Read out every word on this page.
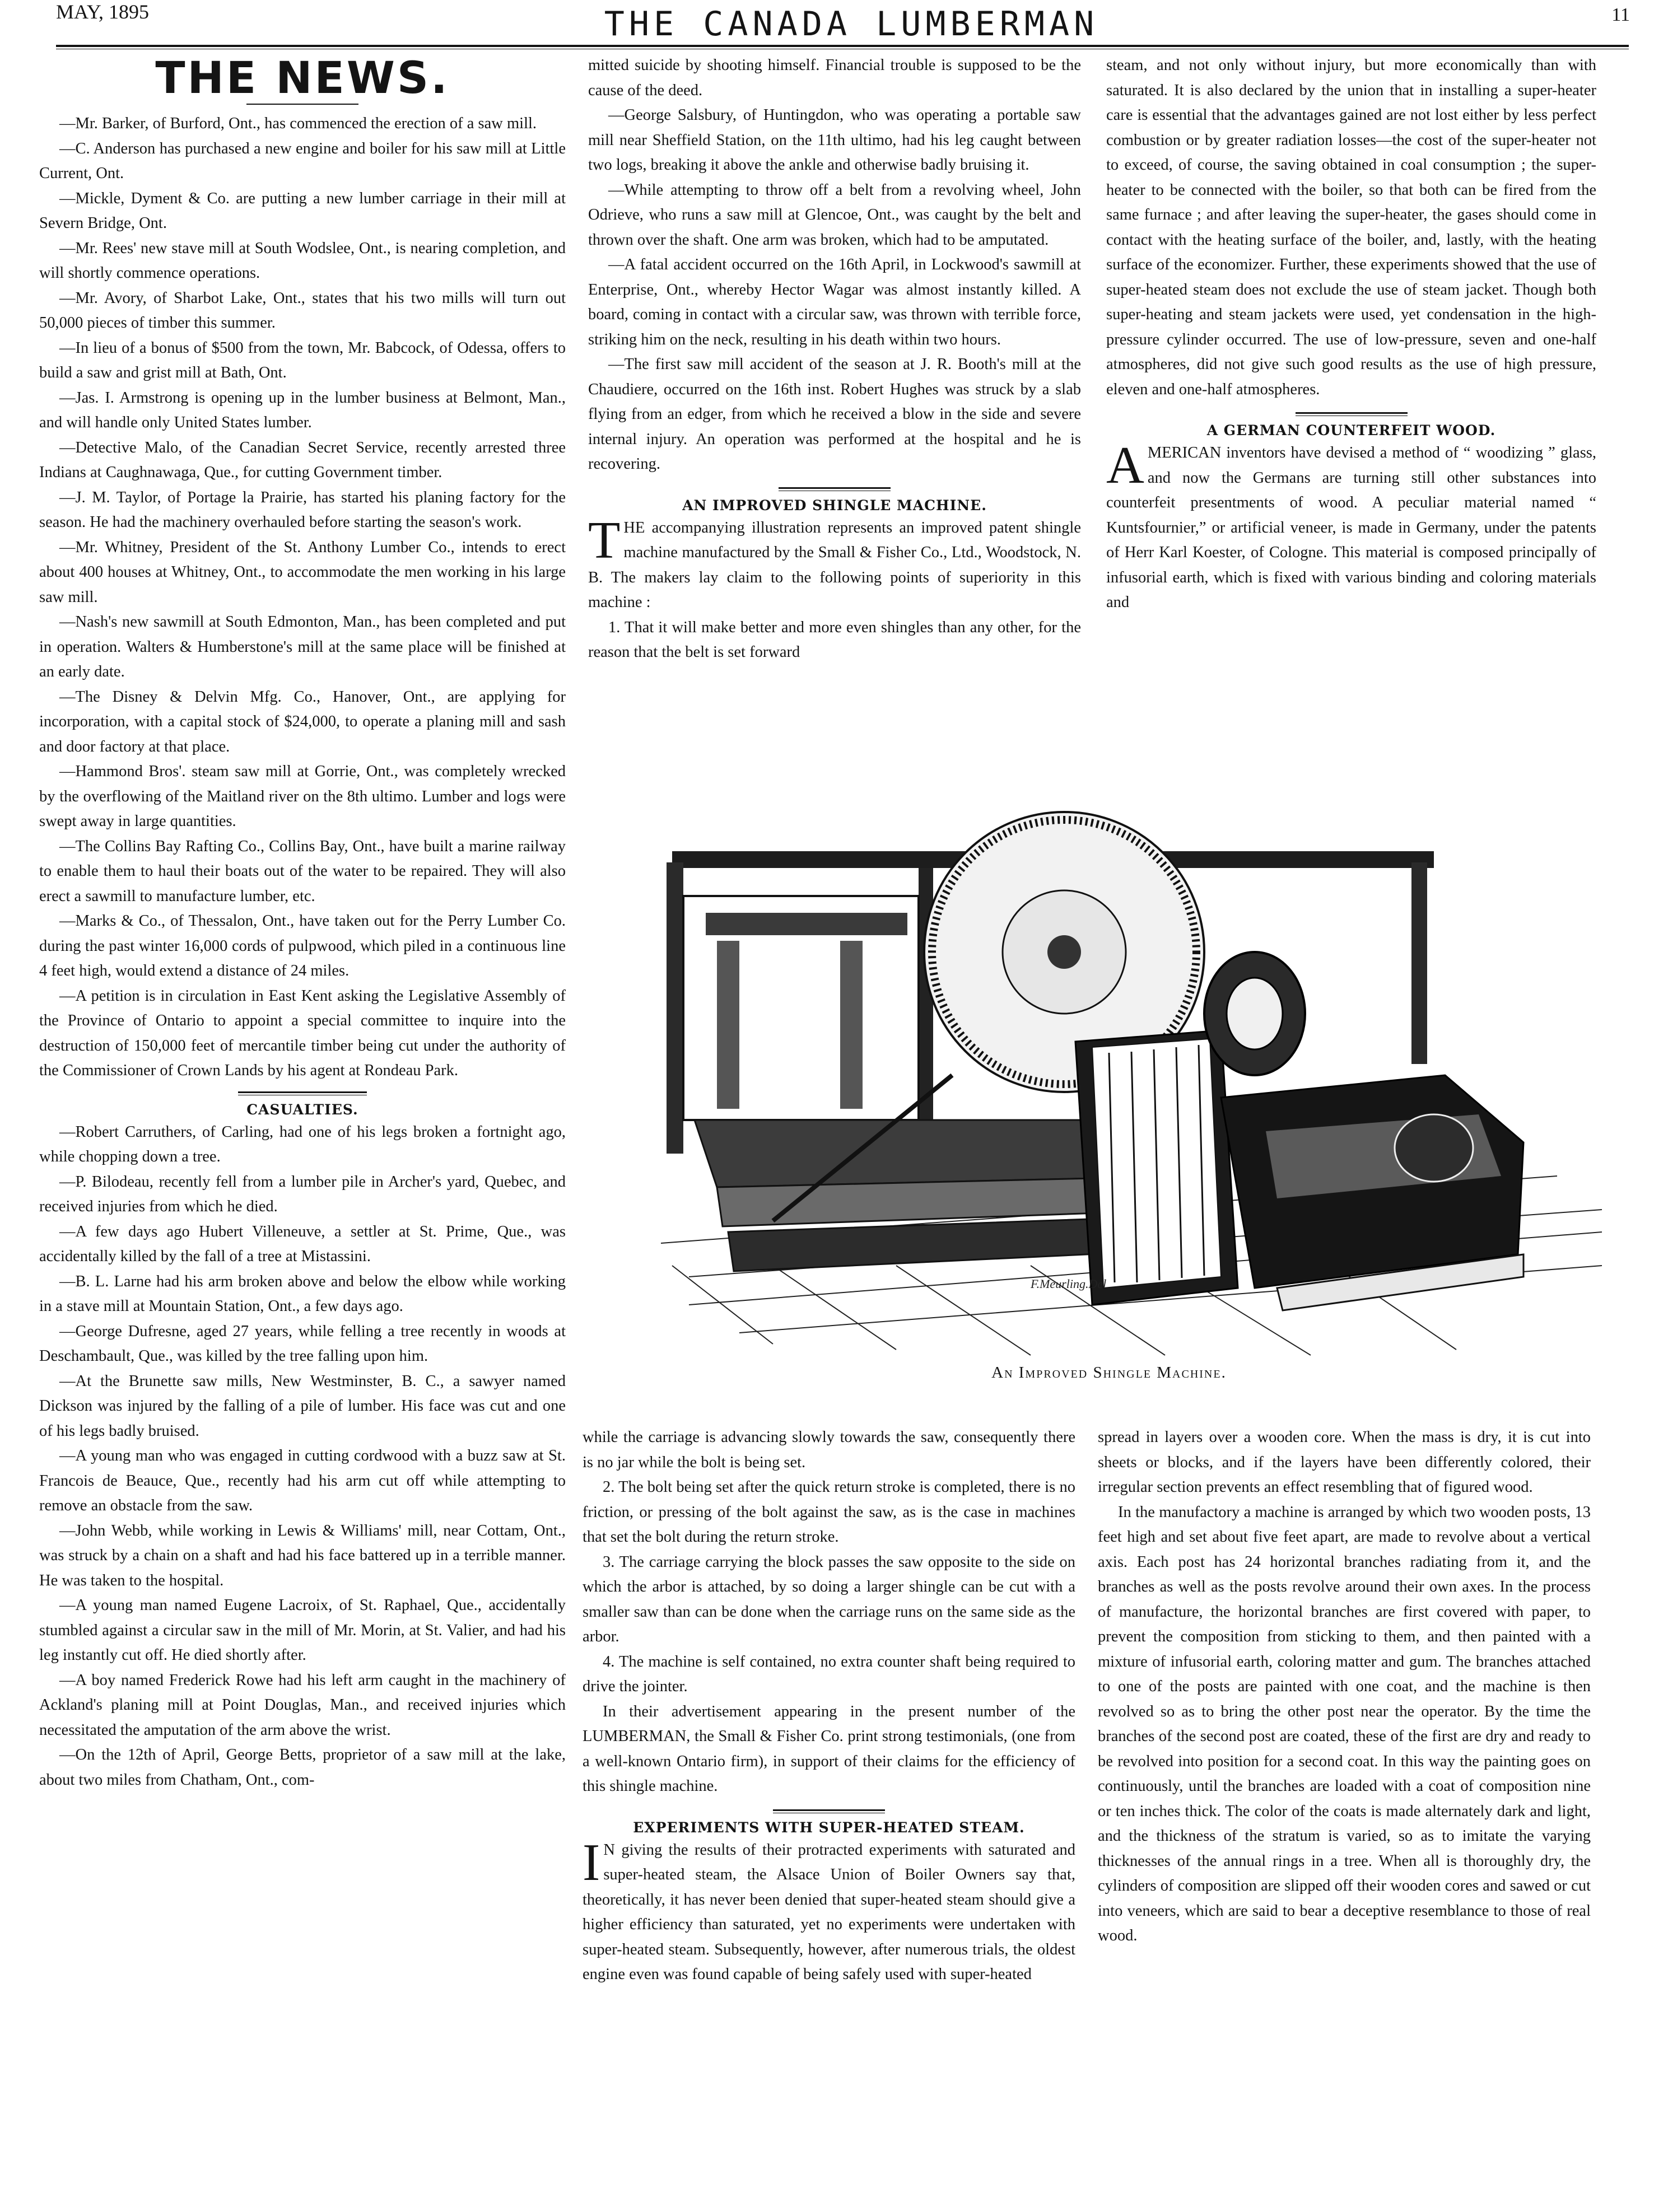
MAY, 1895	THE CANADA LUMBERMAN	11
THE NEWS.

—Mr. Barker, of Burford, Ont., has commenced the erection of a saw mill.

—C. Anderson has purchased a new engine and boiler for his saw mill at Little Current, Ont.

—Mickle, Dyment & Co. are putting a new lumber carriage in their mill at Severn Bridge, Ont.

—Mr. Rees' new stave mill at South Wodslee, Ont., is nearing completion, and will shortly commence operations.

—Mr. Avory, of Sharbot Lake, Ont., states that his two mills will turn out 50,000 pieces of timber this summer.

—In lieu of a bonus of $500 from the town, Mr. Babcock, of Odessa, offers to build a saw and grist mill at Bath, Ont.

—Jas. I. Armstrong is opening up in the lumber business at Belmont, Man., and will handle only United States lumber.

—Detective Malo, of the Canadian Secret Service, recently arrested three Indians at Caughnawaga, Que., for cutting Government timber.

—J. M. Taylor, of Portage la Prairie, has started his planing factory for the season. He had the machinery overhauled before starting the season's work.

—Mr. Whitney, President of the St. Anthony Lumber Co., intends to erect about 400 houses at Whitney, Ont., to accommodate the men working in his large saw mill.

—Nash's new sawmill at South Edmonton, Man., has been completed and put in operation. Walters & Humberstone's mill at the same place will be finished at an early date.

—The Disney & Delvin Mfg. Co., Hanover, Ont., are applying for incorporation, with a capital stock of $24,000, to operate a planing mill and sash and door factory at that place.

—Hammond Bros'. steam saw mill at Gorrie, Ont., was completely wrecked by the overflowing of the Maitland river on the 8th ultimo. Lumber and logs were swept away in large quantities.

—The Collins Bay Rafting Co., Collins Bay, Ont., have built a marine railway to enable them to haul their boats out of the water to be repaired. They will also erect a sawmill to manufacture lumber, etc.

—Marks & Co., of Thessalon, Ont., have taken out for the Perry Lumber Co. during the past winter 16,000 cords of pulpwood, which piled in a continuous line 4 feet high, would extend a distance of 24 miles.

—A petition is in circulation in East Kent asking the Legislative Assembly of the Province of Ontario to appoint a special committee to inquire into the destruction of 150,000 feet of mercantile timber being cut under the authority of the Commissioner of Crown Lands by his agent at Rondeau Park.

CASUALTIES.

—Robert Carruthers, of Carling, had one of his legs broken a fortnight ago, while chopping down a tree.

—P. Bilodeau, recently fell from a lumber pile in Archer's yard, Quebec, and received injuries from which he died.

—A few days ago Hubert Villeneuve, a settler at St. Prime, Que., was accidentally killed by the fall of a tree at Mistassini.

—B. L. Larne had his arm broken above and below the elbow while working in a stave mill at Mountain Station, Ont., a few days ago.

—George Dufresne, aged 27 years, while felling a tree recently in woods at Deschambault, Que., was killed by the tree falling upon him.

—At the Brunette saw mills, New Westminster, B. C., a sawyer named Dickson was injured by the falling of a pile of lumber. His face was cut and one of his legs badly bruised.

—A young man who was engaged in cutting cordwood with a buzz saw at St. Francois de Beauce, Que., recently had his arm cut off while attempting to remove an obstacle from the saw.

—John Webb, while working in Lewis & Williams' mill, near Cottam, Ont., was struck by a chain on a shaft and had his face battered up in a terrible manner. He was taken to the hospital.

—A young man named Eugene Lacroix, of St. Raphael, Que., accidentally stumbled against a circular saw in the mill of Mr. Morin, at St. Valier, and had his leg instantly cut off. He died shortly after.

—A boy named Frederick Rowe had his left arm caught in the machinery of Ackland's planing mill at Point Douglas, Man., and received injuries which necessitated the amputation of the arm above the wrist.

—On the 12th of April, George Betts, proprietor of a saw mill at the lake, about two miles from Chatham, Ont., com-

mitted suicide by shooting himself. Financial trouble is supposed to be the cause of the deed.

—George Salsbury, of Huntingdon, who was operating a portable saw mill near Sheffield Station, on the 11th ultimo, had his leg caught between two logs, breaking it above the ankle and otherwise badly bruising it.

—While attempting to throw off a belt from a revolving wheel, John Odrieve, who runs a saw mill at Glencoe, Ont., was caught by the belt and thrown over the shaft. One arm was broken, which had to be amputated.

—A fatal accident occurred on the 16th April, in Lockwood's sawmill at Enterprise, Ont., whereby Hector Wagar was almost instantly killed. A board, coming in contact with a circular saw, was thrown with terrible force, striking him on the neck, resulting in his death within two hours.

—The first saw mill accident of the season at J. R. Booth's mill at the Chaudiere, occurred on the 16th inst. Robert Hughes was struck by a slab flying from an edger, from which he received a blow in the side and severe internal injury. An operation was performed at the hospital and he is recovering.

AN IMPROVED SHINGLE MACHINE.

THE accompanying illustration represents an improved patent shingle machine manufactured by the Small & Fisher Co., Ltd., Woodstock, N. B. The makers lay claim to the following points of superiority in this machine :

1. That it will make better and more even shingles than any other, for the reason that the belt is set forward

steam, and not only without injury, but more economically than with saturated. It is also declared by the union that in installing a super-heater care is essential that the advantages gained are not lost either by less perfect combustion or by greater radiation losses—the cost of the super-heater not to exceed, of course, the saving obtained in coal consumption ; the super-heater to be connected with the boiler, so that both can be fired from the same furnace ; and after leaving the super-heater, the gases should come in contact with the heating surface of the boiler, and, lastly, with the heating surface of the economizer. Further, these experiments showed that the use of super-heated steam does not exclude the use of steam jacket. Though both super-heating and steam jackets were used, yet condensation in the high-pressure cylinder occurred. The use of low-pressure, seven and one-half atmospheres, did not give such good results as the use of high pressure, eleven and one-half atmospheres.

A GERMAN COUNTERFEIT WOOD.

AMERICAN inventors have devised a method of “ woodizing ” glass, and now the Germans are turning still other substances into counterfeit presentments of wood. A peculiar material named “ Kuntsfournier,” or artificial veneer, is made in Germany, under the patents of Herr Karl Koester, of Cologne. This material is composed principally of infusorial earth, which is fixed with various binding and coloring materials and

F.Meurling.Del
An Improved Shingle Machine.

while the carriage is advancing slowly towards the saw, consequently there is no jar while the bolt is being set.

2. The bolt being set after the quick return stroke is completed, there is no friction, or pressing of the bolt against the saw, as is the case in machines that set the bolt during the return stroke.

3. The carriage carrying the block passes the saw opposite to the side on which the arbor is attached, by so doing a larger shingle can be cut with a smaller saw than can be done when the carriage runs on the same side as the arbor.

4. The machine is self contained, no extra counter shaft being required to drive the jointer.

In their advertisement appearing in the present number of the LUMBERMAN, the Small & Fisher Co. print strong testimonials, (one from a well-known Ontario firm), in support of their claims for the efficiency of this shingle machine.

EXPERIMENTS WITH SUPER-HEATED STEAM.

I N giving the results of their protracted experiments with saturated and super-heated steam, the Alsace Union of Boiler Owners say that, theoretically, it has never been denied that super-heated steam should give a higher efficiency than saturated, yet no experiments were undertaken with super-heated steam. Subsequently, however, after numerous trials, the oldest engine even was found capable of being safely used with super-heated

spread in layers over a wooden core. When the mass is dry, it is cut into sheets or blocks, and if the layers have been differently colored, their irregular section prevents an effect resembling that of figured wood.

In the manufactory a machine is arranged by which two wooden posts, 13 feet high and set about five feet apart, are made to revolve about a vertical axis. Each post has 24 horizontal branches radiating from it, and the branches as well as the posts revolve around their own axes. In the process of manufacture, the horizontal branches are first covered with paper, to prevent the composition from sticking to them, and then painted with a mixture of infusorial earth, coloring matter and gum. The branches attached to one of the posts are painted with one coat, and the machine is then revolved so as to bring the other post near the operator. By the time the branches of the second post are coated, these of the first are dry and ready to be revolved into position for a second coat. In this way the painting goes on continuously, until the branches are loaded with a coat of composition nine or ten inches thick. The color of the coats is made alternately dark and light, and the thickness of the stratum is varied, so as to imitate the varying thicknesses of the annual rings in a tree. When all is thoroughly dry, the cylinders of composition are slipped off their wooden cores and sawed or cut into veneers, which are said to bear a deceptive resemblance to those of real wood.
